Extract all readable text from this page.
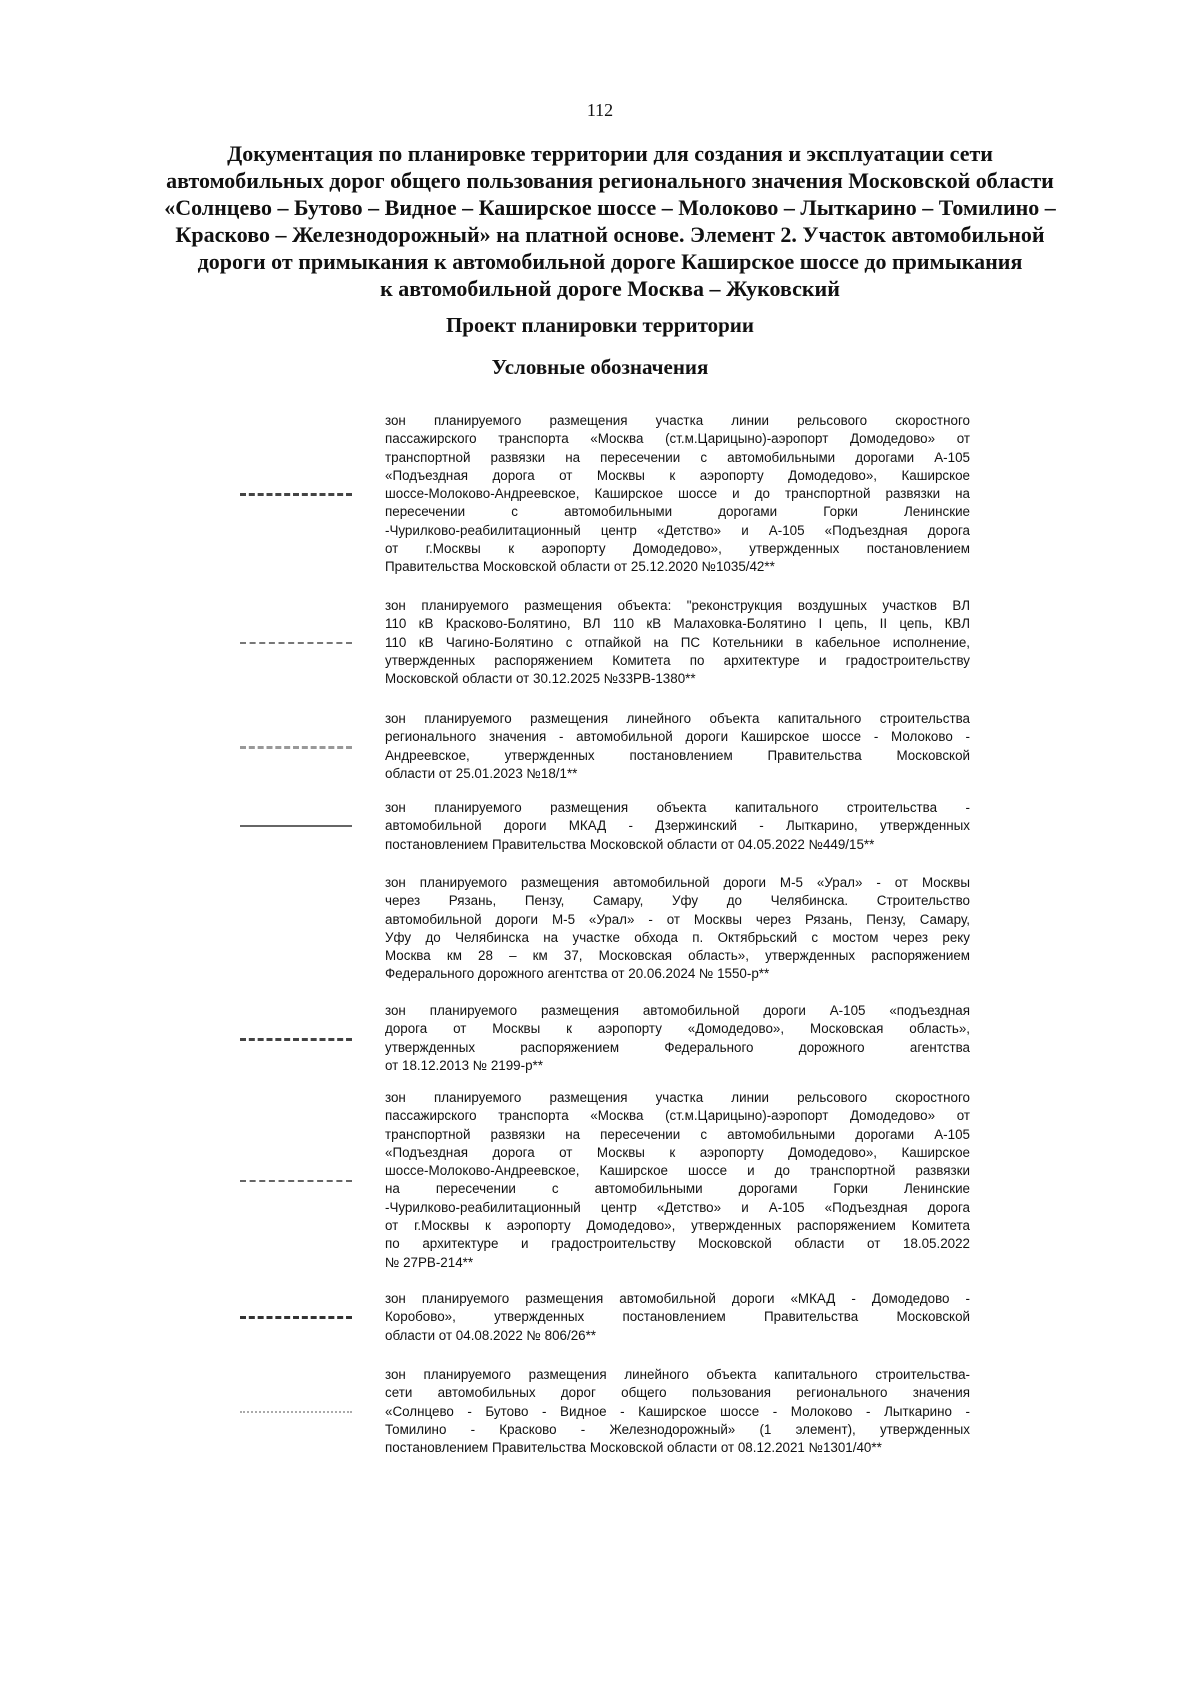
112
Документация по планировке территории для создания и эксплуатации сети
автомобильных дорог общего пользования регионального значения Московской области
«Солнцево – Бутово – Видное – Каширское шоссе – Молоково – Лыткарино – Томилино –
Красково – Железнодорожный» на платной основе. Элемент 2. Участок автомобильной
дороги от примыкания к автомобильной дороге Каширское шоссе до примыкания
к автомобильной дороге Москва – Жуковский
Проект планировки территории
Условные обозначения
зон планируемого размещения участка линии рельсового скоростного
пассажирского транспорта «Москва (ст.м.Царицыно)-аэропорт Домодедово» от
транспортной развязки на пересечении с автомобильными дорогами А-105
«Подъездная дорога от Москвы к аэропорту Домодедово», Каширское
шоссе-Молоково-Андреевское, Каширское шоссе и до транспортной развязки на
пересечении с автомобильными дорогами Горки Ленинские
-Чурилково-реабилитационный центр «Детство» и А-105 «Подъездная дорога
от г.Москвы к аэропорту Домодедово», утвержденных постановлением
Правительства Московской области от 25.12.2020 №1035/42**
зон планируемого размещения объекта: "реконструкция воздушных участков ВЛ
110 кВ Красково-Болятино, ВЛ 110 кВ Малаховка-Болятино I цепь, II цепь, КВЛ
110 кВ Чагино-Болятино с отпайкой на ПС Котельники в кабельное исполнение,
утвержденных распоряжением Комитета по архитектуре и градостроительству
Московской области от 30.12.2025 №33РВ-1380**
зон планируемого размещения линейного объекта капитального строительства
регионального значения - автомобильной дороги Каширское шоссе - Молоково -
Андреевское, утвержденных постановлением Правительства Московской
области от 25.01.2023 №18/1**
зон планируемого размещения объекта капитального строительства -
автомобильной дороги МКАД - Дзержинский - Лыткарино, утвержденных
постановлением Правительства Московской области от 04.05.2022 №449/15**
зон планируемого размещения автомобильной дороги М-5 «Урал» - от Москвы
через Рязань, Пензу, Самару, Уфу до Челябинска. Строительство
автомобильной дороги М-5 «Урал» - от Москвы через Рязань, Пензу, Самару,
Уфу до Челябинска на участке обхода п. Октябрьский с мостом через реку
Москва км 28 – км 37, Московская область», утвержденных распоряжением
Федерального дорожного агентства от 20.06.2024 № 1550-р**
зон планируемого размещения автомобильной дороги А-105 «подъездная
дорога от Москвы к аэропорту «Домодедово», Московская область»,
утвержденных распоряжением Федерального дорожного агентства
от 18.12.2013 № 2199-р**
зон планируемого размещения участка линии рельсового скоростного
пассажирского транспорта «Москва (ст.м.Царицыно)-аэропорт Домодедово» от
транспортной развязки на пересечении с автомобильными дорогами А-105
«Подъездная дорога от Москвы к аэропорту Домодедово», Каширское
шоссе-Молоково-Андреевское, Каширское шоссе и до транспортной развязки
на пересечении с автомобильными дорогами Горки Ленинские
-Чурилково-реабилитационный центр «Детство» и А-105 «Подъездная дорога
от г.Москвы к аэропорту Домодедово», утвержденных распоряжением Комитета
по архитектуре и градостроительству Московской области от 18.05.2022
№ 27РВ-214**
зон планируемого размещения автомобильной дороги «МКАД - Домодедово -
Коробово», утвержденных постановлением Правительства Московской
области от 04.08.2022 № 806/26**
зон планируемого размещения линейного объекта капитального строительства-
сети автомобильных дорог общего пользования регионального значения
«Солнцево - Бутово - Видное - Каширское шоссе - Молоково - Лыткарино -
Томилино - Красково - Железнодорожный» (1 элемент), утвержденных
постановлением Правительства Московской области от 08.12.2021 №1301/40**
